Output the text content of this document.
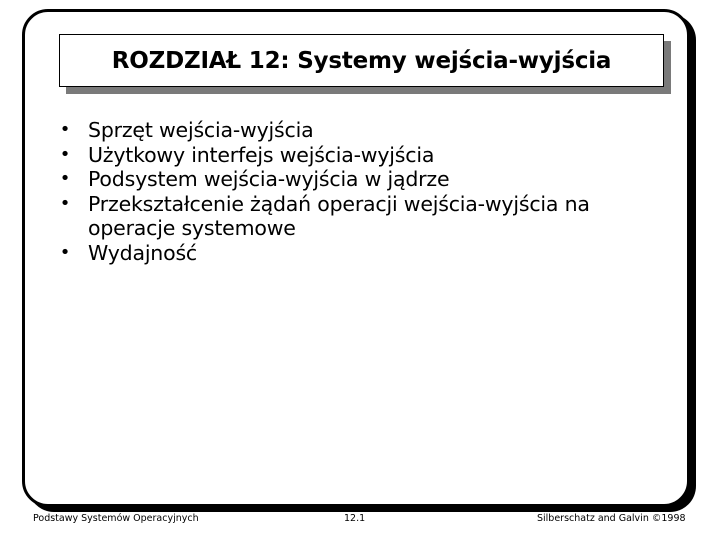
ROZDZIAŁ 12: Systemy wejścia-wyjścia
• Sprzęt wejścia-wyjścia
• Użytkowy interfejs wejścia-wyjścia
• Podsystem wejścia-wyjścia w jądrze
• Przekształcenie żądań operacji wejścia-wyjścia na operacje systemowe
• Wydajność
Podstawy Systemów Operacyjnych	12.1	Silberschatz and Galvin ©1998
